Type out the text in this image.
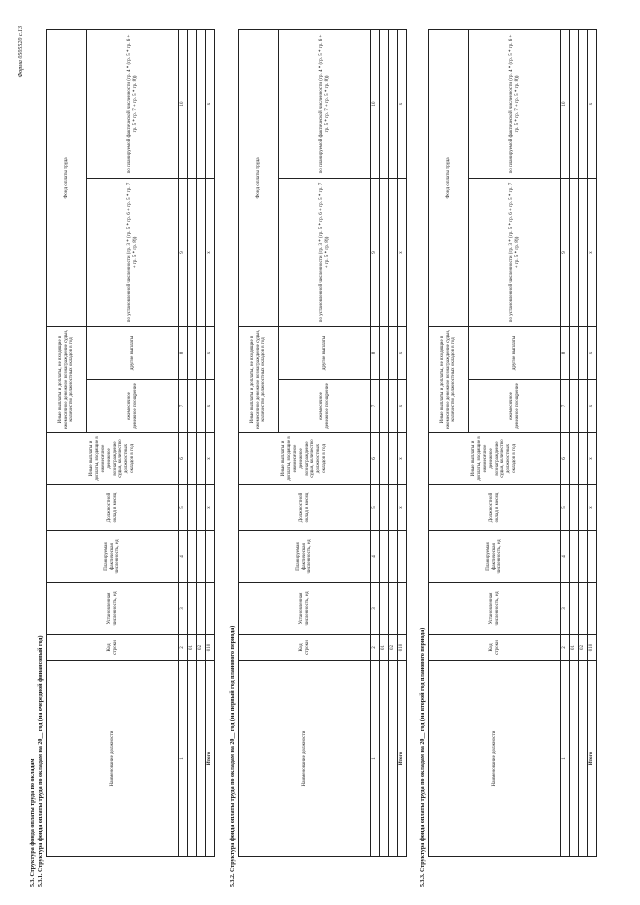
Форма 0505520 с.13
5.3. Структура фонда оплаты труда по окладам 5.3.1. Структура фонда оплаты труда по окладам на 20__ год (на очередной финансовый год)	5.3.2. Структура фонда оплаты труда по окладам на 20__ год (на первый год планового периода)	5.3.3. Структура фонда оплаты труда по окладам на 20__ год (на второй год планового периода)
Наименование должности	Код строки	Установленная численность, ед	Планируемая фактическая численность, ед	Должностной оклад в месяц	Иные выплаты и доплаты, входящие в ежемесячное денежное вознаграждение судьи, количество должностных окладов в год	Иные выплаты и доплаты, не входящие в ежемесячное денежное вознаграждение судьи, количество должностных окладов в год		Фонд оплаты труда	
						ежемесячное денежное поощрение	другие выплаты	по установленной численности (гр. 3 * (гр. 5 * гр. 6 + гр. 5 * гр. 7 + гр. 5 * гр. 8))	по планируемой фактической численности (гр. 4 * (гр. 5 * гр. 6 + гр. 5 * гр. 7 + гр. 5 * гр. 8))
1	2	3	4	5	6	7	8	9	10
	01								
	02								
Итого	010			x	x	x	x	x	x
Наименование должности	Код строки	Установленная численность, ед	Планируемая фактическая численность, ед	Должностной оклад в месяц	Иные выплаты и доплаты, входящие в ежемесячное денежное вознаграждение судьи, количество должностных окладов в год	Иные выплаты и доплаты, не входящие в ежемесячное денежное вознаграждение судьи, количество должностных окладов в год		Фонд оплаты труда	
						ежемесячное денежное поощрение	другие выплаты	по установленной численности (гр. 3 * (гр. 5 * гр. 6 + гр. 5 * гр. 7 + гр. 5 * гр. 8))	по планируемой фактической численности (гр. 4 * (гр. 5 * гр. 6 + гр. 5 * гр. 7 + гр. 5 * гр. 8))
1	2	3	4	5	6	7	8	9	10
	01								
	02								
Итого	010			x	x	x	x	x	x
Наименование должности	Код строки	Установленная численность, ед	Планируемая фактическая численность, ед	Должностной оклад в месяц	Иные выплаты и доплаты, входящие в ежемесячное денежное вознаграждение судьи, количество должностных окладов в год	Иные выплаты и доплаты, не входящие в ежемесячное денежное вознаграждение судьи, количество должностных окладов в год		Фонд оплаты труда	
						ежемесячное денежное поощрение	другие выплаты	по установленной численности (гр. 3 * (гр. 5 * гр. 6 + гр. 5 * гр. 7 + гр. 5 * гр. 8))	по планируемой фактической численности (гр. 4 * (гр. 5 * гр. 6 + гр. 5 * гр. 7 + гр. 5 * гр. 8))
1	2	3	4	5	6	7	8	9	10
	01								
	02								
Итого	010			x	x	x	x	x	x
